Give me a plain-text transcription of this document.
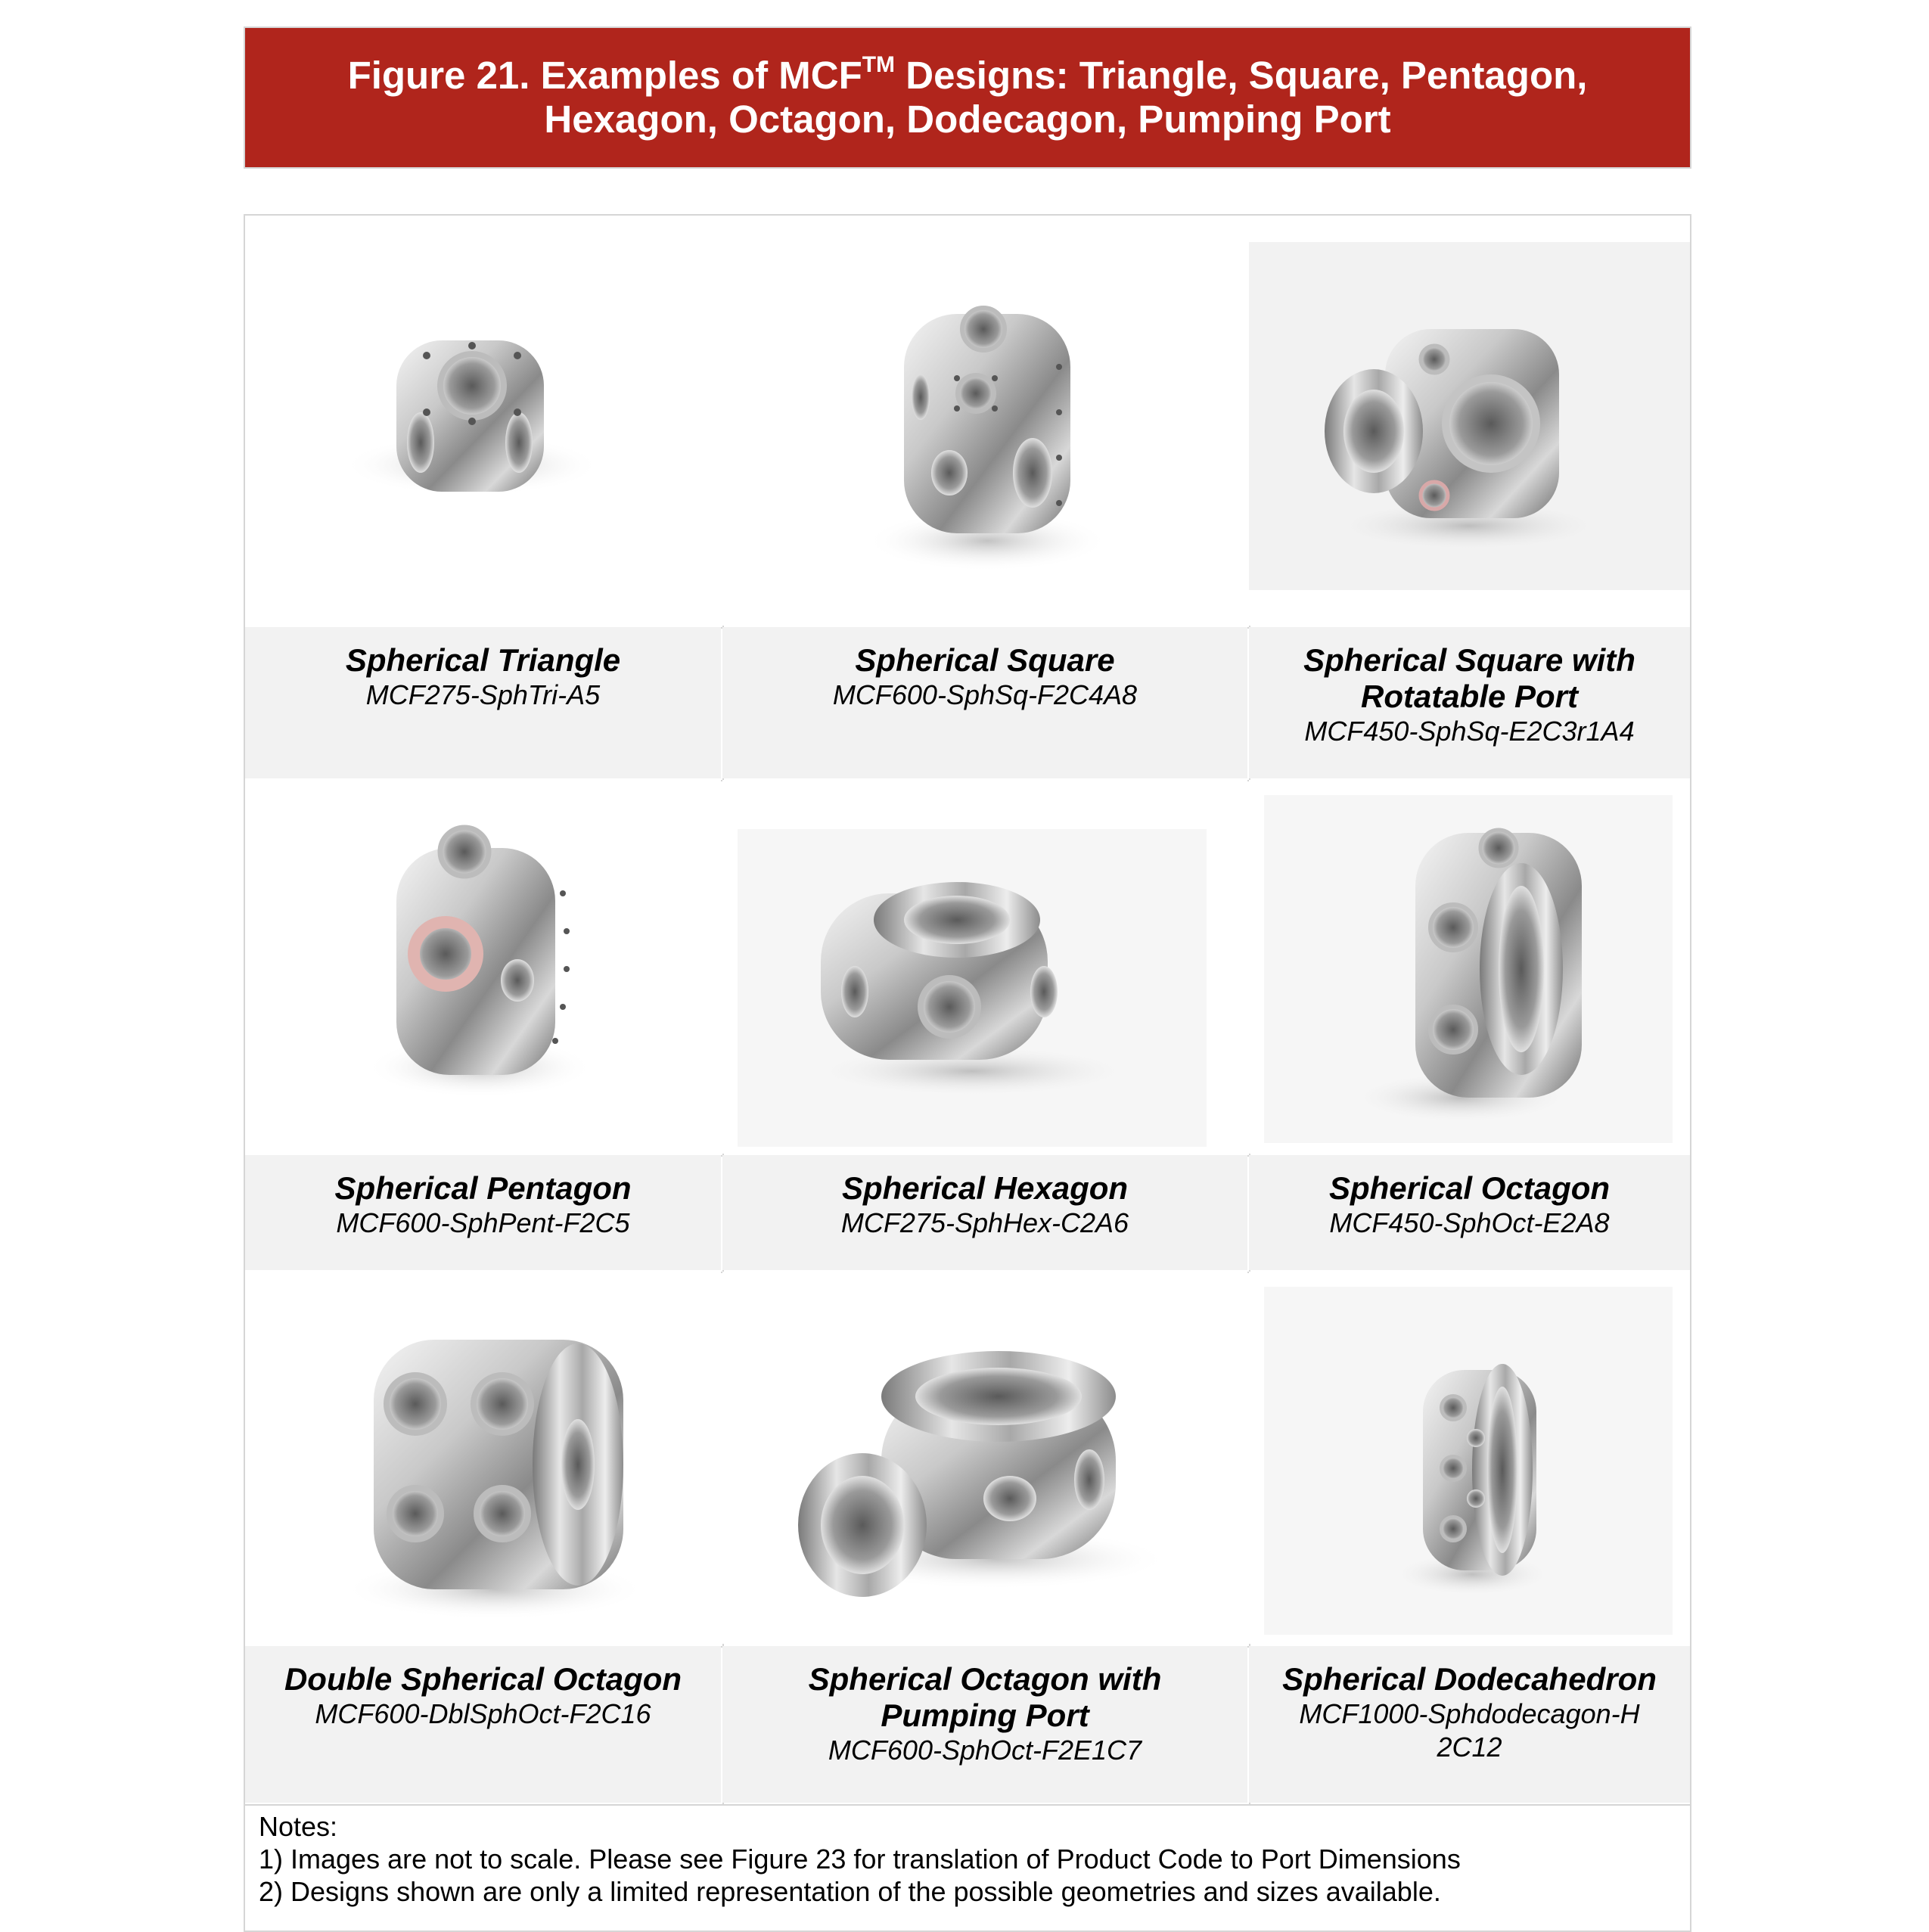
Figure 21. Examples of MCF™ Designs: Triangle, Square, Pentagon,
Hexagon, Octagon, Dodecagon, Pumping Port
Spherical Triangle
MCF275-SphTri-A5
Spherical Square
MCF600-SphSq-F2C4A8
Spherical Square with Rotatable Port
MCF450-SphSq-E2C3r1A4
Spherical Pentagon
MCF600-SphPent-F2C5
Spherical Hexagon
MCF275-SphHex-C2A6
Spherical Octagon
MCF450-SphOct-E2A8
Double Spherical Octagon
MCF600-DblSphOct-F2C16
Spherical Octagon with Pumping Port
MCF600-SphOct-F2E1C7
Spherical Dodecahedron
MCF1000-Sphdodecagon-H2C12
Notes:
1) Images are not to scale. Please see Figure 23 for translation of Product Code to Port Dimensions
2) Designs shown are only a limited representation of the possible geometries and sizes available.
